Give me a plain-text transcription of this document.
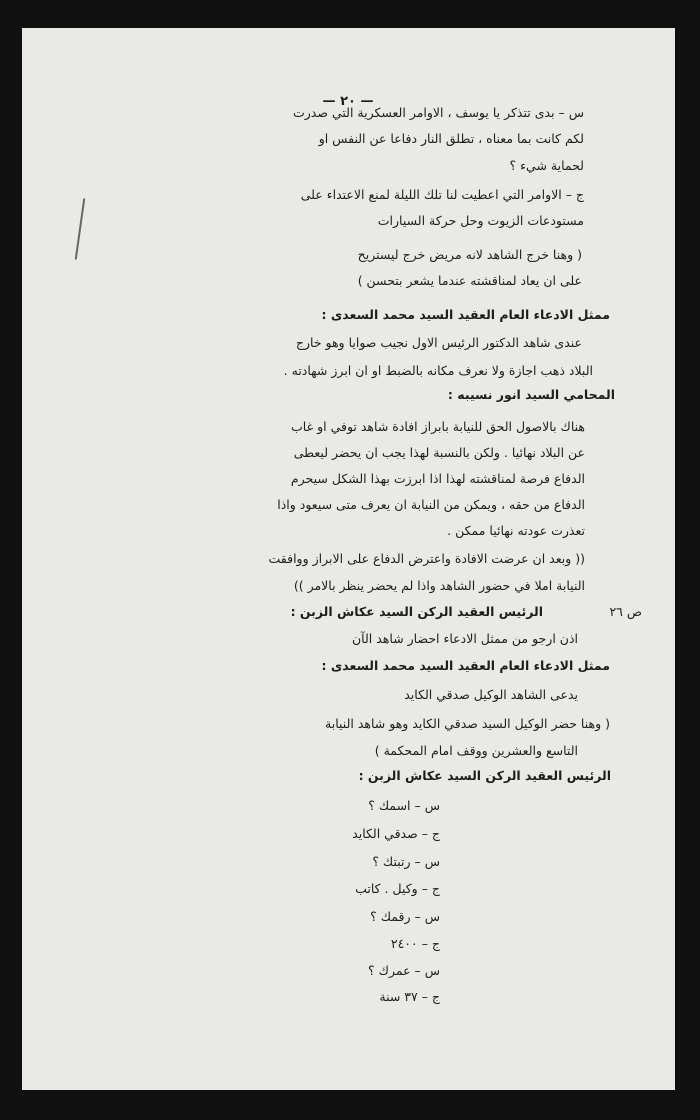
— ٢٠ —
س – بدى تتذكر يا يوسف ، الاوامر العسكرية التي صدرت
لكم كانت بما معناه ، تطلق النار دفاعا عن النفس او
لحماية شيء ؟
ج – الاوامر التي اعطيت لنا تلك الليلة لمنع الاعتداء على
مستودعات الزيوت وحل حركة السيارات
( وهنا خرج الشاهد لانه مريض خرج ليستريح
على ان يعاد لمناقشته عندما يشعر بتحسن )
ممثل الادعاء العام العقيد السيد محمد السعدى :
عندى شاهد الدكتور الرئيس الاول نجيب صوايا وهو خارج
البلاد ذهب اجازة ولا نعرف مكانه بالضبط او ان ابرز شهادته .
المحامي السيد انور نسيبه :
هناك بالاصول الحق للنيابة بابراز افادة شاهد توفي او غاب
عن البلاد نهائيا . ولكن بالنسبة لهذا يجب ان يحضر ليعطى
الدفاع فرصة لمناقشته لهذا اذا ابرزت بهذا الشكل سيحرم
الدفاع من حقه ، ويمكن من النيابة ان يعرف متى سيعود واذا
تعذرت عودته نهائيا ممكن .
(( وبعد ان عرضت الافادة واعترض الدفاع على الابراز ووافقت
النيابة املا في حضور الشاهد واذا لم يحضر ينظر بالامر ))
ص ٢٦
الرئيس العقيد الركن السيد عكاش الزبن :
اذن ارجو من ممثل الادعاء احضار شاهد الآن
ممثل الادعاء العام العقيد السيد محمد السعدى :
يدعى الشاهد الوكيل صدقي الكايد
( وهنا حضر الوكيل السيد صدقي الكايد وهو شاهد النيابة
التاسع والعشرين ووقف امام المحكمة )
الرئيس العقيد الركن السيد عكاش الزبن :
س – اسمك ؟
ج – صدقي الكايد
س – رتبتك ؟
ج – وكيل . كاتب
س – رقمك ؟
ج – ٢٤٠٠
س – عمرك ؟
ج – ٣٧ سنة
